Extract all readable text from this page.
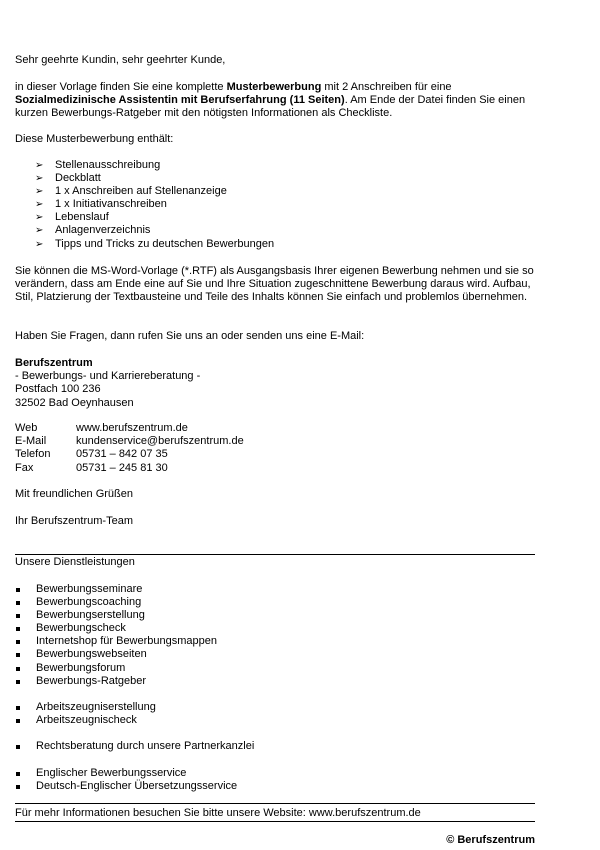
Sehr geehrte Kundin, sehr geehrter Kunde,

in dieser Vorlage finden Sie eine komplette Musterbewerbung mit 2 Anschreiben für eine Sozialmedizinische Assistentin mit Berufserfahrung (11 Seiten). Am Ende der Datei finden Sie einen kurzen Bewerbungs-Ratgeber mit den nötigsten Informationen als Checkliste.

Diese Musterbewerbung enthält:

➢ Stellenausschreibung
➢ Deckblatt
➢ 1 x Anschreiben auf Stellenanzeige
➢ 1 x Initiativanschreiben
➢ Lebenslauf
➢ Anlagenverzeichnis
➢ Tipps und Tricks zu deutschen Bewerbungen

Sie können die MS-Word-Vorlage (*.RTF) als Ausgangsbasis Ihrer eigenen Bewerbung nehmen und sie so verändern, dass am Ende eine auf Sie und Ihre Situation zugeschnittene Bewerbung daraus wird. Aufbau, Stil, Platzierung der Textbausteine und Teile des Inhalts können Sie einfach und problemlos übernehmen.

Haben Sie Fragen, dann rufen Sie uns an oder senden uns eine E-Mail:

Berufszentrum

- Bewerbungs- und Karriereberatung -

Postfach 100 236

32502 Bad Oeynhausen

Web	www.berufszentrum.de
E-Mail	kundenservice@berufszentrum.de
Telefon	05731 – 842 07 35
Fax	05731 – 245 81 30

Mit freundlichen Grüßen

Ihr Berufszentrum-Team

Unsere Dienstleistungen

Bewerbungsseminare
Bewerbungscoaching
Bewerbungserstellung
Bewerbungscheck
Internetshop für Bewerbungsmappen
Bewerbungswebseiten
Bewerbungsforum
Bewerbungs-Ratgeber
Arbeitszeugniserstellung
Arbeitszeugnischeck
Rechtsberatung durch unsere Partnerkanzlei
Englischer Bewerbungsservice
Deutsch-Englischer Übersetzungsservice

Für mehr Informationen besuchen Sie bitte unsere Website: www.berufszentrum.de

© Berufszentrum
